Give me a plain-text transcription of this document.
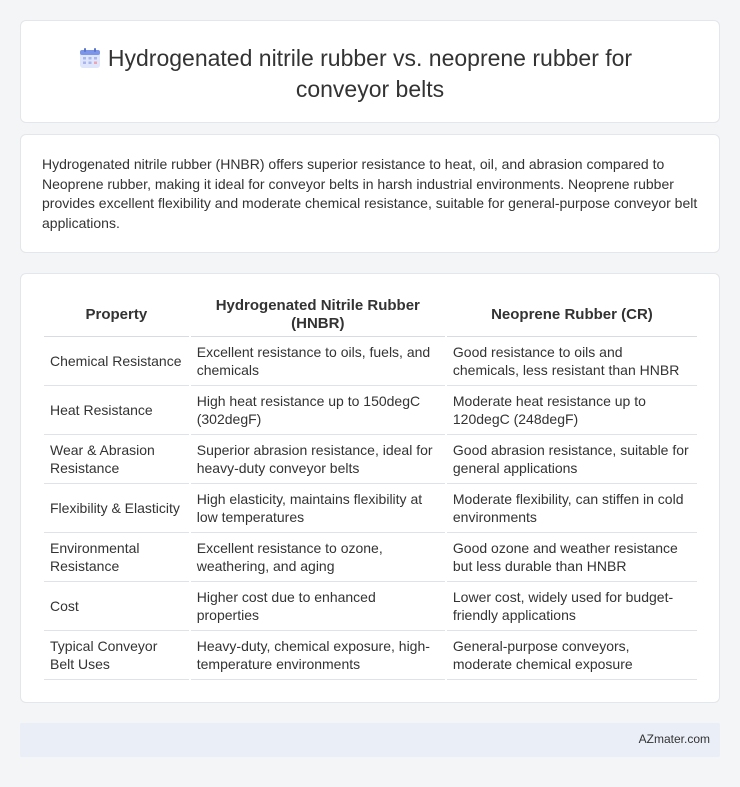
Hydrogenated nitrile rubber vs. neoprene rubber for conveyor belts

Hydrogenated nitrile rubber (HNBR) offers superior resistance to heat, oil, and abrasion compared to Neoprene rubber, making it ideal for conveyor belts in harsh industrial environments. Neoprene rubber provides excellent flexibility and moderate chemical resistance, suitable for general-purpose conveyor belt applications.

Property	Hydrogenated Nitrile Rubber (HNBR)	Neoprene Rubber (CR)
Chemical Resistance	Excellent resistance to oils, fuels, and chemicals	Good resistance to oils and chemicals, less resistant than HNBR
Heat Resistance	High heat resistance up to 150degC (302degF)	Moderate heat resistance up to 120degC (248degF)
Wear & Abrasion Resistance	Superior abrasion resistance, ideal for heavy-duty conveyor belts	Good abrasion resistance, suitable for general applications
Flexibility & Elasticity	High elasticity, maintains flexibility at low temperatures	Moderate flexibility, can stiffen in cold environments
Environmental Resistance	Excellent resistance to ozone, weathering, and aging	Good ozone and weather resistance but less durable than HNBR
Cost	Higher cost due to enhanced properties	Lower cost, widely used for budget-friendly applications
Typical Conveyor Belt Uses	Heavy-duty, chemical exposure, high-temperature environments	General-purpose conveyors, moderate chemical exposure
AZmater.com
